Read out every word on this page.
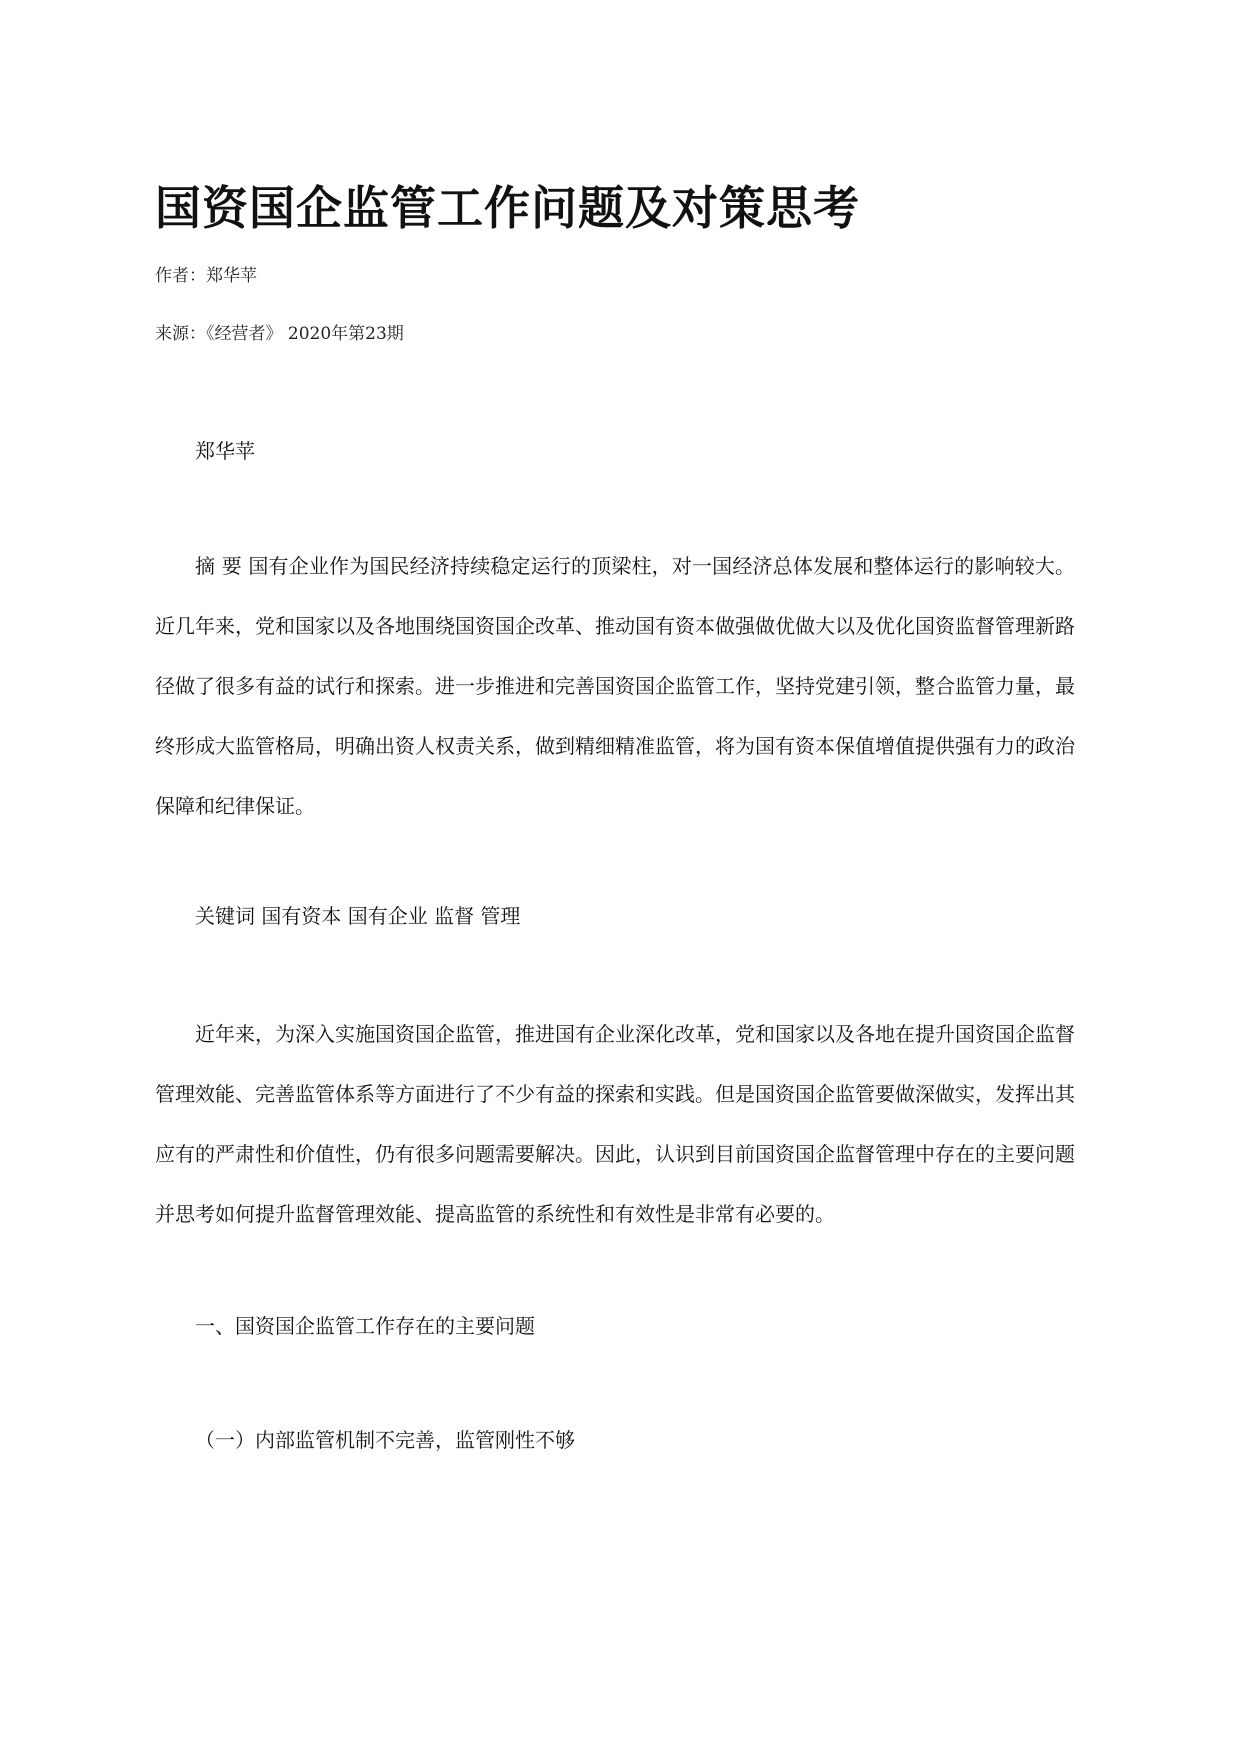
国资国企监管工作问题及对策思考
作者：郑华苹
来源：《经营者》 2020年第23期

郑华苹

摘 要 国有企业作为国民经济持续稳定运行的顶梁柱，对一国经济总体发展和整体运行的影响较大。近几年来，党和国家以及各地围绕国资国企改革、推动国有资本做强做优做大以及优化国资监督管理新路径做了很多有益的试行和探索。进一步推进和完善国资国企监管工作，坚持党建引领，整合监管力量，最终形成大监管格局，明确出资人权责关系，做到精细精准监管，将为国有资本保值增值提供强有力的政治保障和纪律保证。

关键词 国有资本 国有企业 监督 管理

近年来，为深入实施国资国企监管，推进国有企业深化改革，党和国家以及各地在提升国资国企监督管理效能、完善监管体系等方面进行了不少有益的探索和实践。但是国资国企监管要做深做实，发挥出其应有的严肃性和价值性，仍有很多问题需要解决。因此，认识到目前国资国企监督管理中存在的主要问题并思考如何提升监督管理效能、提高监管的系统性和有效性是非常有必要的。

一、国资国企监管工作存在的主要问题

（一）内部监管机制不完善，监管刚性不够
